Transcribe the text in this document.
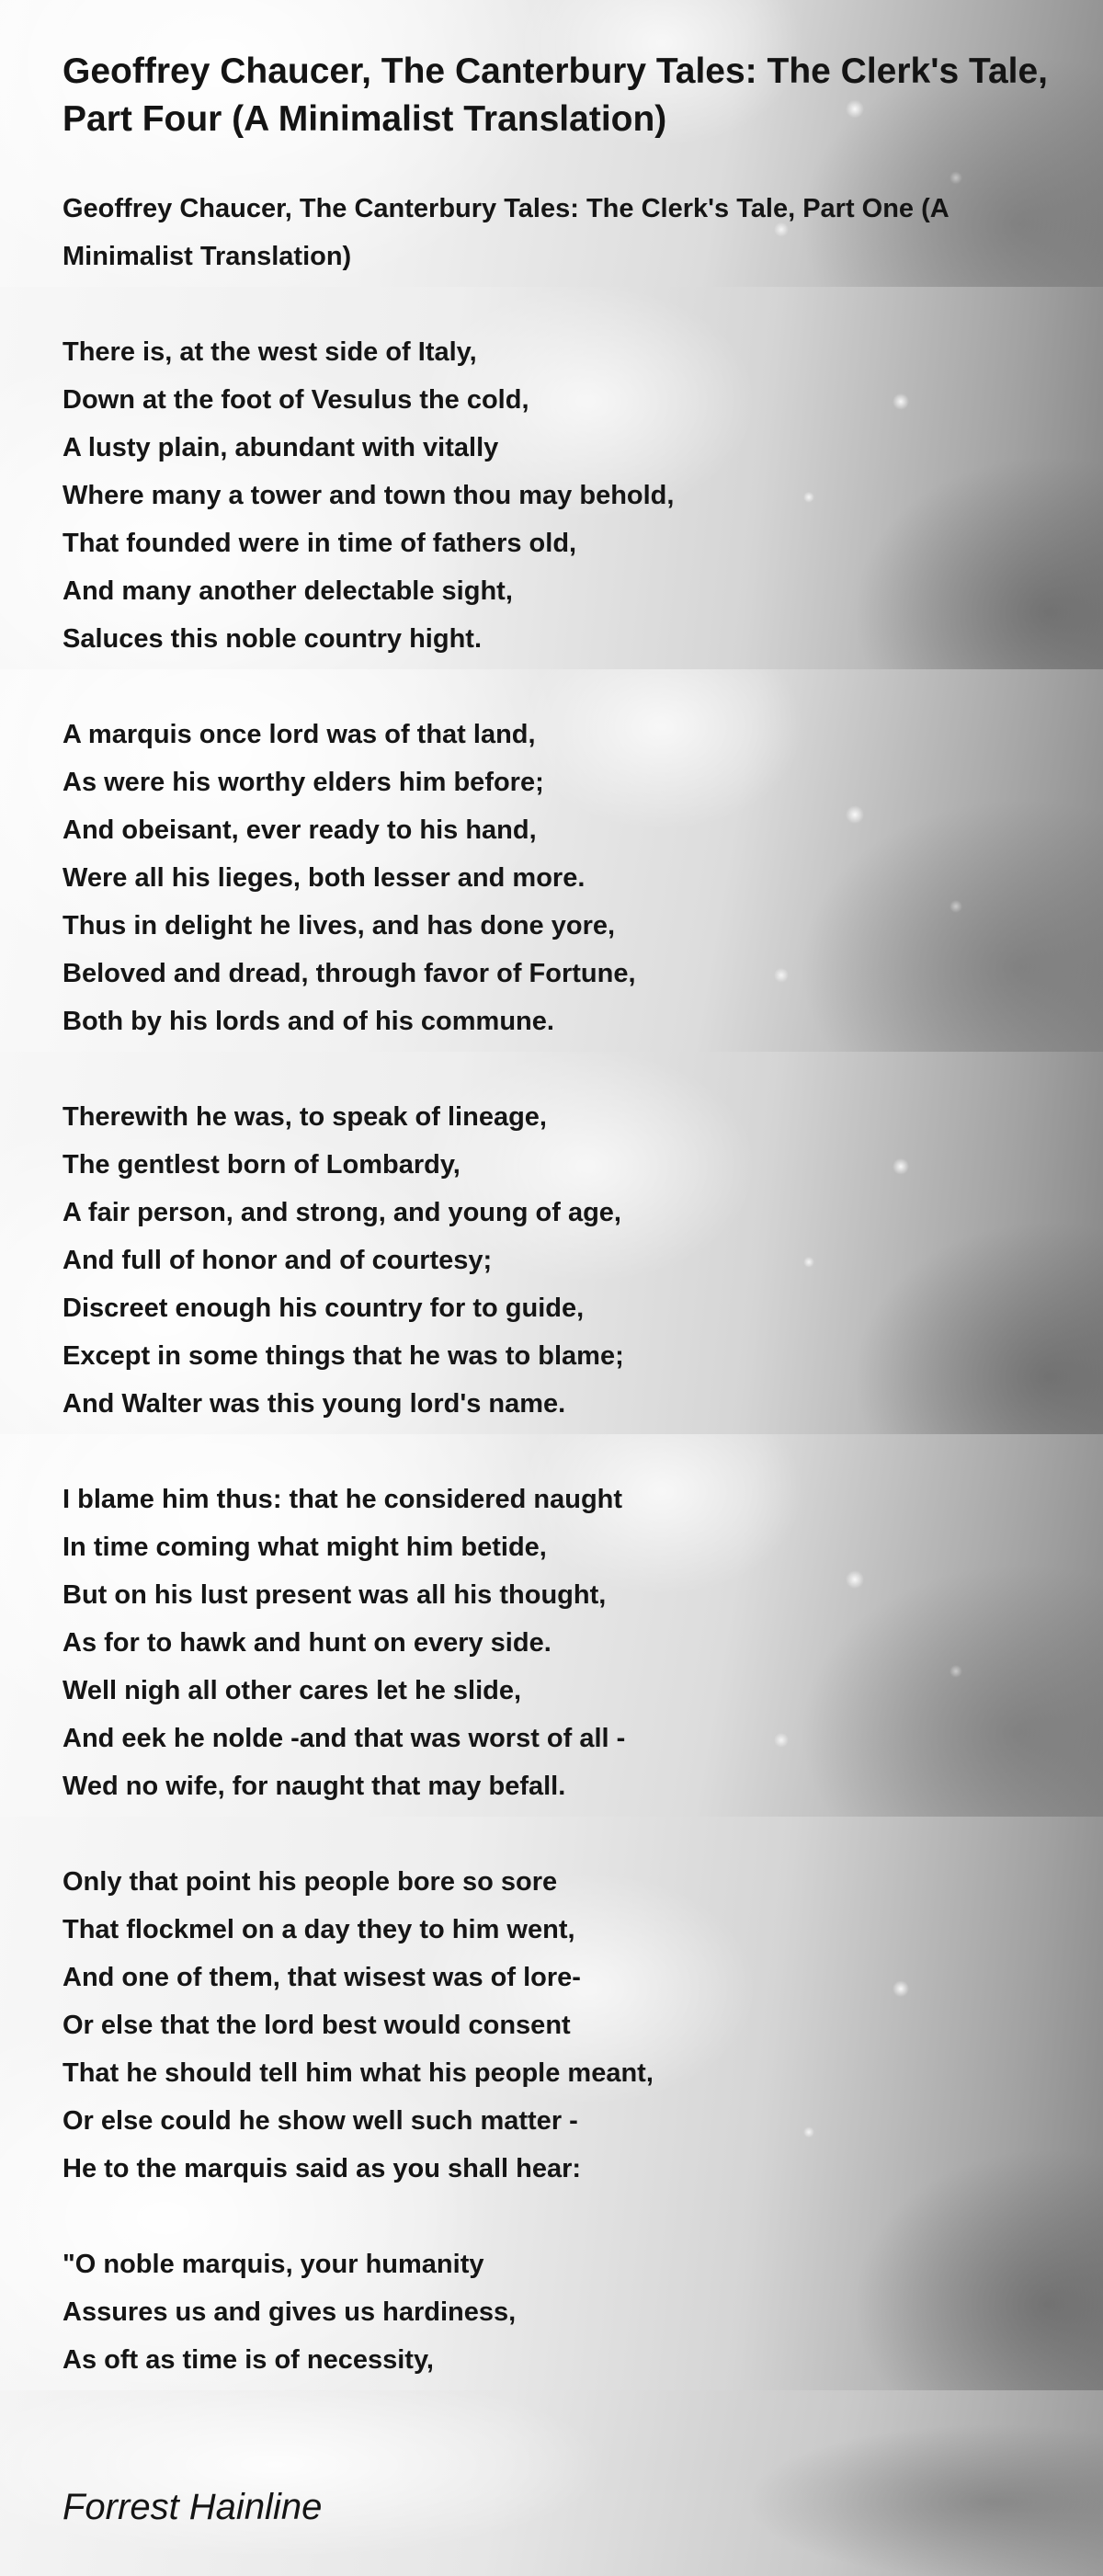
Geoffrey Chaucer, The Canterbury Tales: The Clerk's Tale, Part Four (A Minimalist Translation)
Geoffrey Chaucer, The Canterbury Tales: The Clerk's Tale, Part One (A Minimalist Translation)
There is, at the west side of Italy,
Down at the foot of Vesulus the cold,
A lusty plain, abundant with vitally
Where many a tower and town thou may behold,
That founded were in time of fathers old,
And many another delectable sight,
Saluces this noble country hight.
A marquis once lord was of that land,
As were his worthy elders him before;
And obeisant, ever ready to his hand,
Were all his lieges, both lesser and more.
Thus in delight he lives, and has done yore,
Beloved and dread, through favor of Fortune,
Both by his lords and of his commune.
Therewith he was, to speak of lineage,
The gentlest born of Lombardy,
A fair person, and strong, and young of age,
And full of honor and of courtesy;
Discreet enough his country for to guide,
Except in some things that he was to blame;
And Walter was this young lord's name.
I blame him thus: that he considered naught
In time coming what might him betide,
But on his lust present was all his thought,
As for to hawk and hunt on every side.
Well nigh all other cares let he slide,
And eek he nolde -and that was worst of all -
Wed no wife, for naught that may befall.
Only that point his people bore so sore
That flockmel on a day they to him went,
And one of them, that wisest was of lore-
Or else that the lord best would consent
That he should tell him what his people meant,
Or else could he show well such matter -
He to the marquis said as you shall hear:
"O noble marquis, your humanity
Assures us and gives us hardiness,
As oft as time is of necessity,

Forrest Hainline
